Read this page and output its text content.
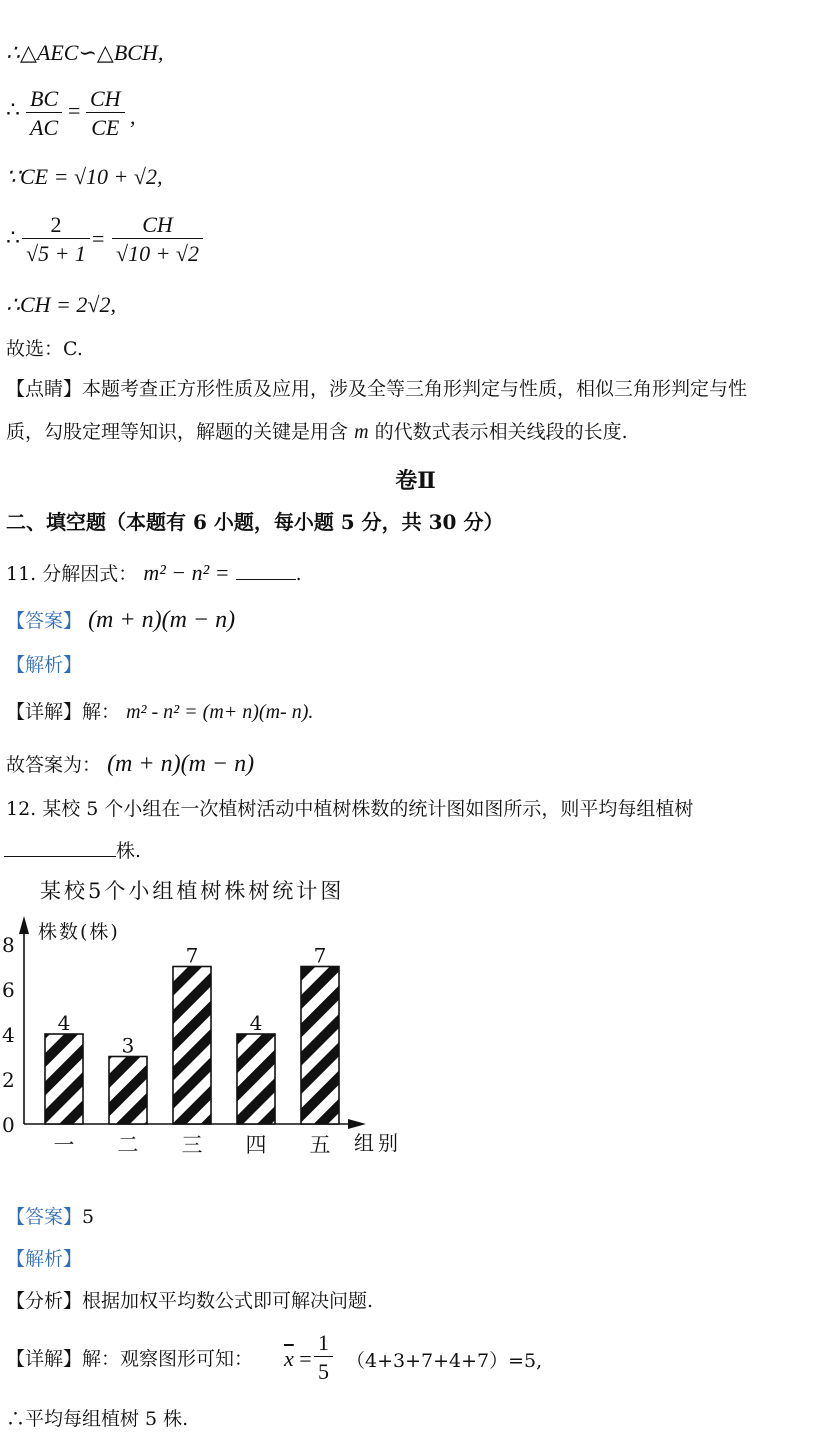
∴△AEC∽△BCH,
∴ $\frac{BC}{AC} = \frac{CH}{CE}$ ,
∵CE = √10 + √2,
∴ $\frac{2}{√5 + 1} = \frac{CH}{√10 + √2}$
∴CH = 2√2,
故选：C.
【点睛】本题考查正方形性质及应用，涉及全等三角形判定与性质，相似三角形判定与性
质，勾股定理等知识，解题的关键是用含 m 的代数式表示相关线段的长度.
卷Ⅱ
二、填空题（本题有 6 小题，每小题 5 分，共 30 分）
11. 分解因式： m² − n² =	.
【答案】 (m + n)(m − n)
【解析】
【详解】解： m² - n² = (m+ n)(m- n).
故答案为： (m + n)(m − n)
12. 某校 5 个小组在一次植树活动中植树株数的统计图如图所示，则平均每组植树
株.
某校5个小组植树株树统计图
株数(株)
组别
4
一
3
二
7
三
4
四
7
五
0
2
4
6
8
【答案】5
【解析】
【分析】根据加权平均数公式即可解决问题.
【详解】解：观察图形可知： $\overline{x} = \frac{1}{5} (4+3+7+4+7)=5$,
∴平均每组植树 5 株.
